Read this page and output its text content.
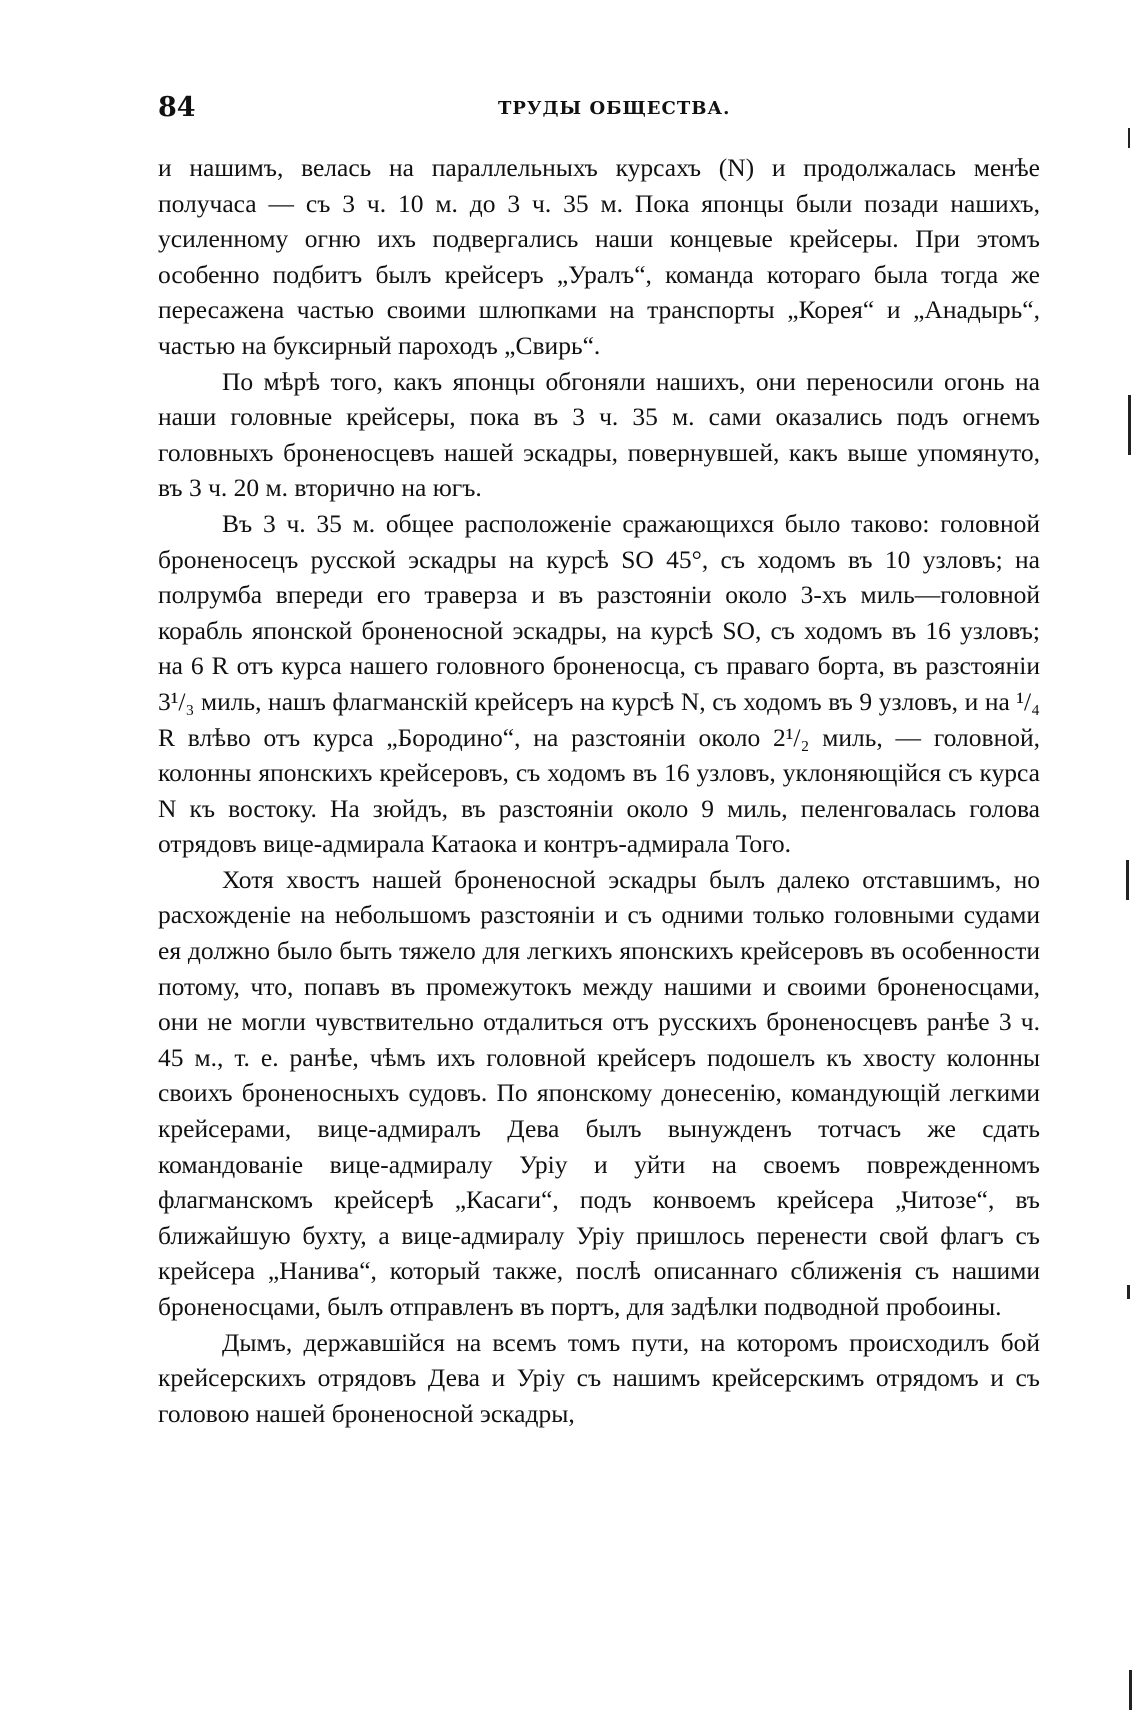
84	ТРУДЫ ОБЩЕСТВА.

и нашимъ, велась на параллельныхъ курсахъ (N) и продолжалась менѣе получаса — съ 3 ч. 10 м. до 3 ч. 35 м. Пока японцы были позади нашихъ, усиленному огню ихъ подвергались наши концевые крейсеры. При этомъ особенно подбитъ былъ крейсеръ „Уралъ“, команда котораго была тогда же пересажена частью своими шлюпками на транспорты „Корея“ и „Анадырь“, частью на буксирный пароходъ „Свирь“.

По мѣрѣ того, какъ японцы обгоняли нашихъ, они переносили огонь на наши головные крейсеры, пока въ 3 ч. 35 м. сами оказались подъ огнемъ головныхъ броненосцевъ нашей эскадры, повернувшей, какъ выше упомянуто, въ 3 ч. 20 м. вторично на югъ.

Въ 3 ч. 35 м. общее расположеніе сражающихся было таково: головной броненосецъ русской эскадры на курсѣ SO 45°, съ ходомъ въ 10 узловъ; на полрумба впереди его траверза и въ разстояніи около 3-хъ миль—головной корабль японской броненосной эскадры, на курсѣ SO, съ ходомъ въ 16 узловъ; на 6 R отъ курса нашего головного броненосца, съ праваго борта, въ разстояніи 3¹/₃ миль, нашъ флагманскій крейсеръ на курсѣ N, съ ходомъ въ 9 узловъ, и на ¹/₄ R влѣво отъ курса „Бородино“, на разстояніи около 2¹/₂ миль, — головной, колонны японскихъ крейсеровъ, съ ходомъ въ 16 узловъ, уклоняющійся съ курса N къ востоку. На зюйдъ, въ разстояніи около 9 миль, пеленговалась голова отрядовъ вице-адмирала Катаока и контръ-адмирала Того.

Хотя хвостъ нашей броненосной эскадры былъ далеко отставшимъ, но расхожденіе на небольшомъ разстояніи и съ одними только головными судами ея должно было быть тяжело для легкихъ японскихъ крейсеровъ въ особенности потому, что, попавъ въ промежутокъ между нашими и своими броненосцами, они не могли чувствительно отдалиться отъ русскихъ броненосцевъ ранѣе 3 ч. 45 м., т. е. ранѣе, чѣмъ ихъ головной крейсеръ подошелъ къ хвосту колонны своихъ броненосныхъ судовъ. По японскому донесенію, командующій легкими крейсерами, вице-адмиралъ Дева былъ вынужденъ тотчасъ же сдать командованіе вице-адмиралу Уріу и уйти на своемъ поврежденномъ флагманскомъ крейсерѣ „Касаги“, подъ конвоемъ крейсера „Читозе“, въ ближайшую бухту, а вице-адмиралу Уріу пришлось перенести свой флагъ съ крейсера „Нанива“, который также, послѣ описаннаго сближенія съ нашими броненосцами, былъ отправленъ въ портъ, для задѣлки подводной пробоины.

Дымъ, державшійся на всемъ томъ пути, на которомъ происходилъ бой крейсерскихъ отрядовъ Дева и Уріу съ нашимъ крейсерскимъ отрядомъ и съ головою нашей броненосной эскадры,
